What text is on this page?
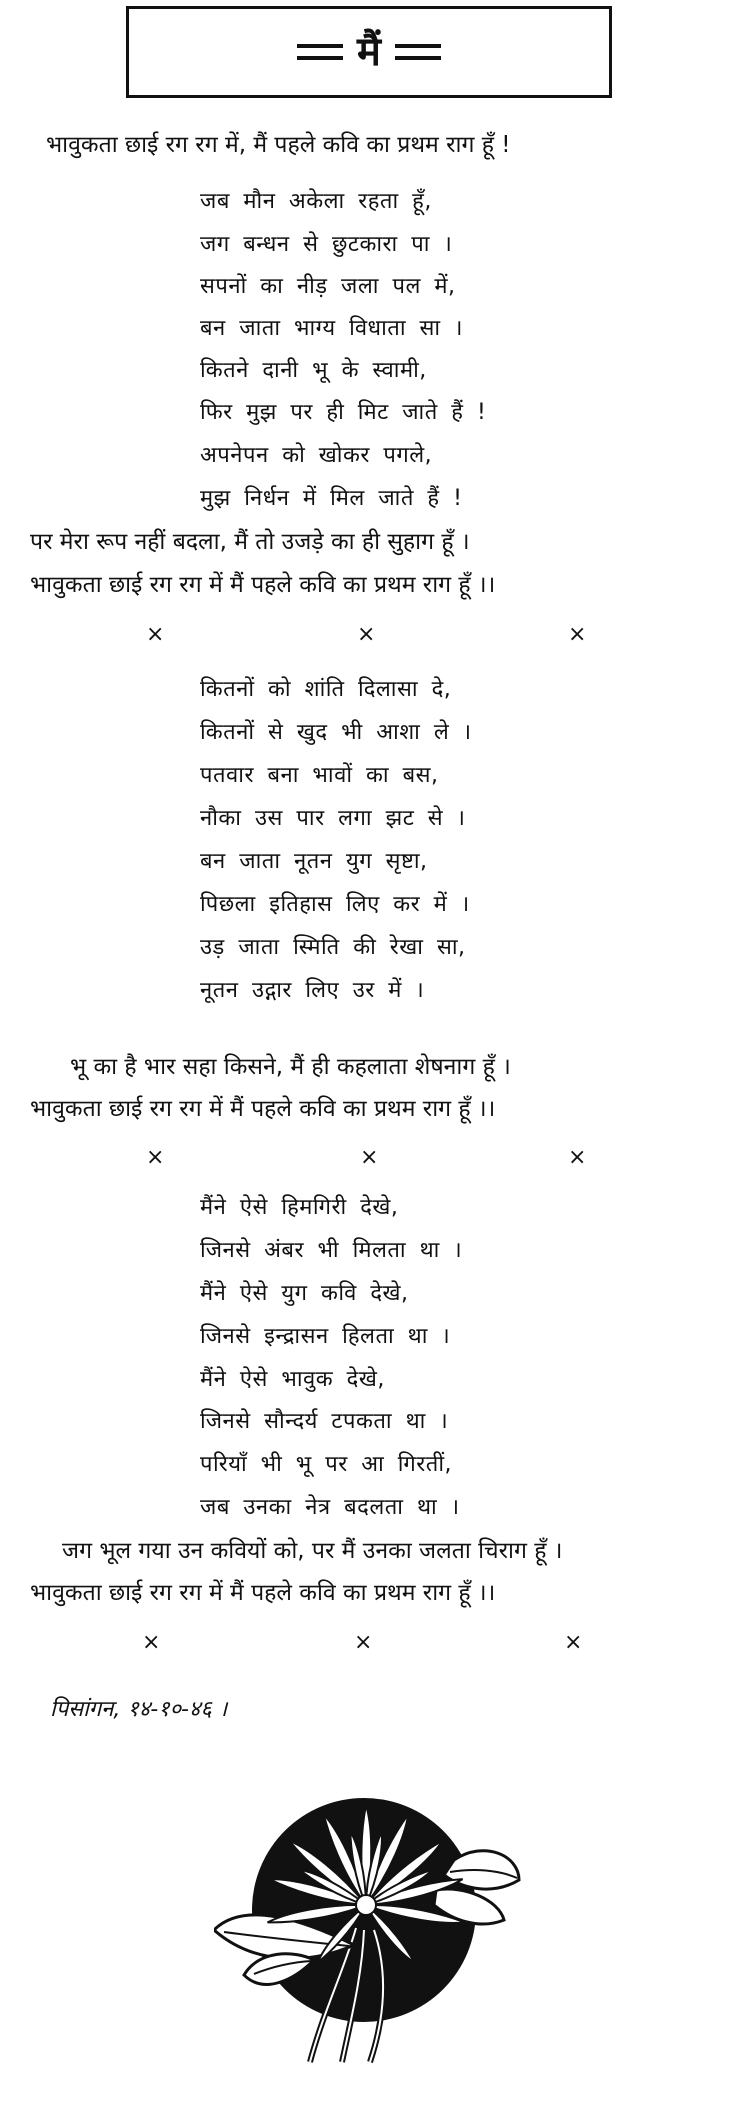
मैं
भावुकता छाई रग रग में, मैं पहले कवि का प्रथम राग हूँ !
जब मौन अकेला रहता हूँ,
जग बन्धन से छुटकारा पा ।
सपनों का नीड़ जला पल में,
बन जाता भाग्य विधाता सा ।
कितने दानी भू के स्वामी,
फिर मुझ पर ही मिट जाते हैं !
अपनेपन को खोकर पगले,
मुझ निर्धन में मिल जाते हैं !
पर मेरा रूप नहीं बदला, मैं तो उजड़े का ही सुहाग हूँ ।
भावुकता छाई रग रग में मैं पहले कवि का प्रथम राग हूँ ।।
×	×	×
कितनों को शांति दिलासा दे,
कितनों से खुद भी आशा ले ।
पतवार बना भावों का बस,
नौका उस पार लगा झट से ।
बन जाता नूतन युग सृष्टा,
पिछला इतिहास लिए कर में ।
उड़ जाता स्मिति की रेखा सा,
नूतन उद्गार लिए उर में ।
भू का है भार सहा किसने, मैं ही कहलाता शेषनाग हूँ ।
भावुकता छाई रग रग में मैं पहले कवि का प्रथम राग हूँ ।।
×	×	×
मैंने ऐसे हिमगिरी देखे,
जिनसे अंबर भी मिलता था ।
मैंने ऐसे युग कवि देखे,
जिनसे इन्द्रासन हिलता था ।
मैंने ऐसे भावुक देखे,
जिनसे सौन्दर्य टपकता था ।
परियाँ भी भू पर आ गिरतीं,
जब उनका नेत्र बदलता था ।
जग भूल गया उन कवियों को, पर मैं उनका जलता चिराग हूँ ।
भावुकता छाई रग रग में मैं पहले कवि का प्रथम राग हूँ ।।
×	×	×
पिसांगन, १४-१०-४६ ।
